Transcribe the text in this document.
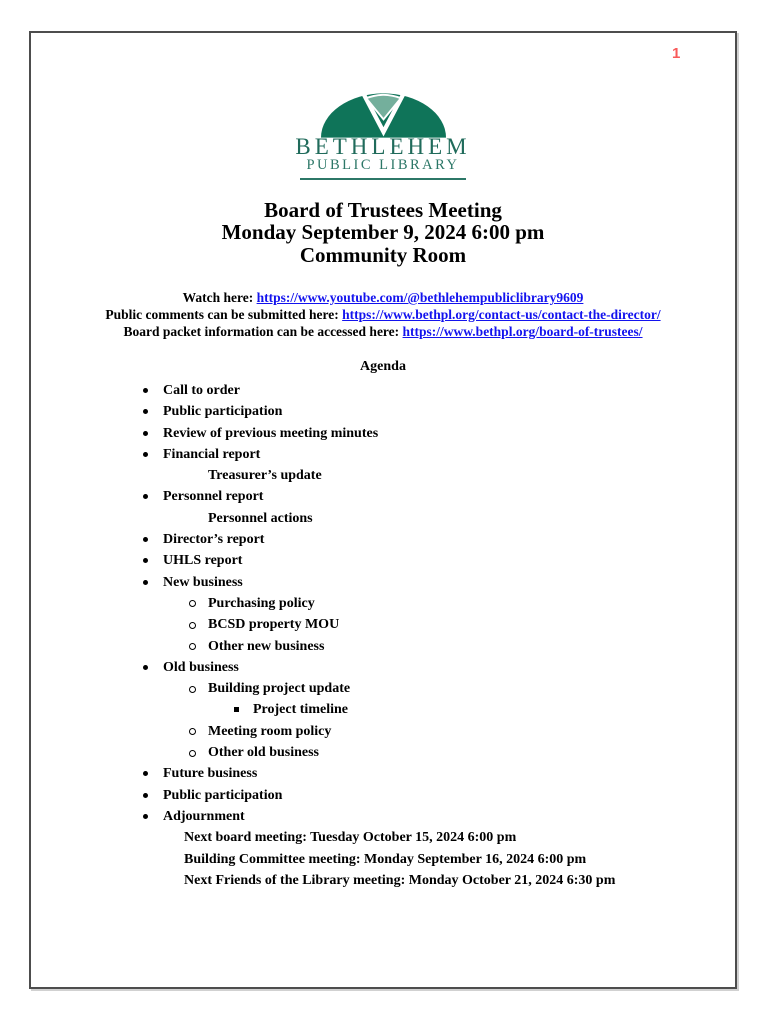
1
BETHLEHEM
PUBLIC LIBRARY
Board of Trustees Meeting
Monday September 9, 2024 6:00 pm
Community Room
Watch here: https://www.youtube.com/@bethlehempubliclibrary9609
Public comments can be submitted here: https://www.bethpl.org/contact-us/contact-the-director/
Board packet information can be accessed here: https://www.bethpl.org/board-of-trustees/
Agenda
Call to order
Public participation
Review of previous meeting minutes
Financial report
Treasurer’s update
Personnel report
Personnel actions
Director’s report
UHLS report
New business
Purchasing policy
BCSD property MOU
Other new business
Old business
Building project update
Project timeline
Meeting room policy
Other old business
Future business
Public participation
Adjournment
Next board meeting: Tuesday October 15, 2024 6:00 pm
Building Committee meeting: Monday September 16, 2024 6:00 pm
Next Friends of the Library meeting: Monday October 21, 2024 6:30 pm
